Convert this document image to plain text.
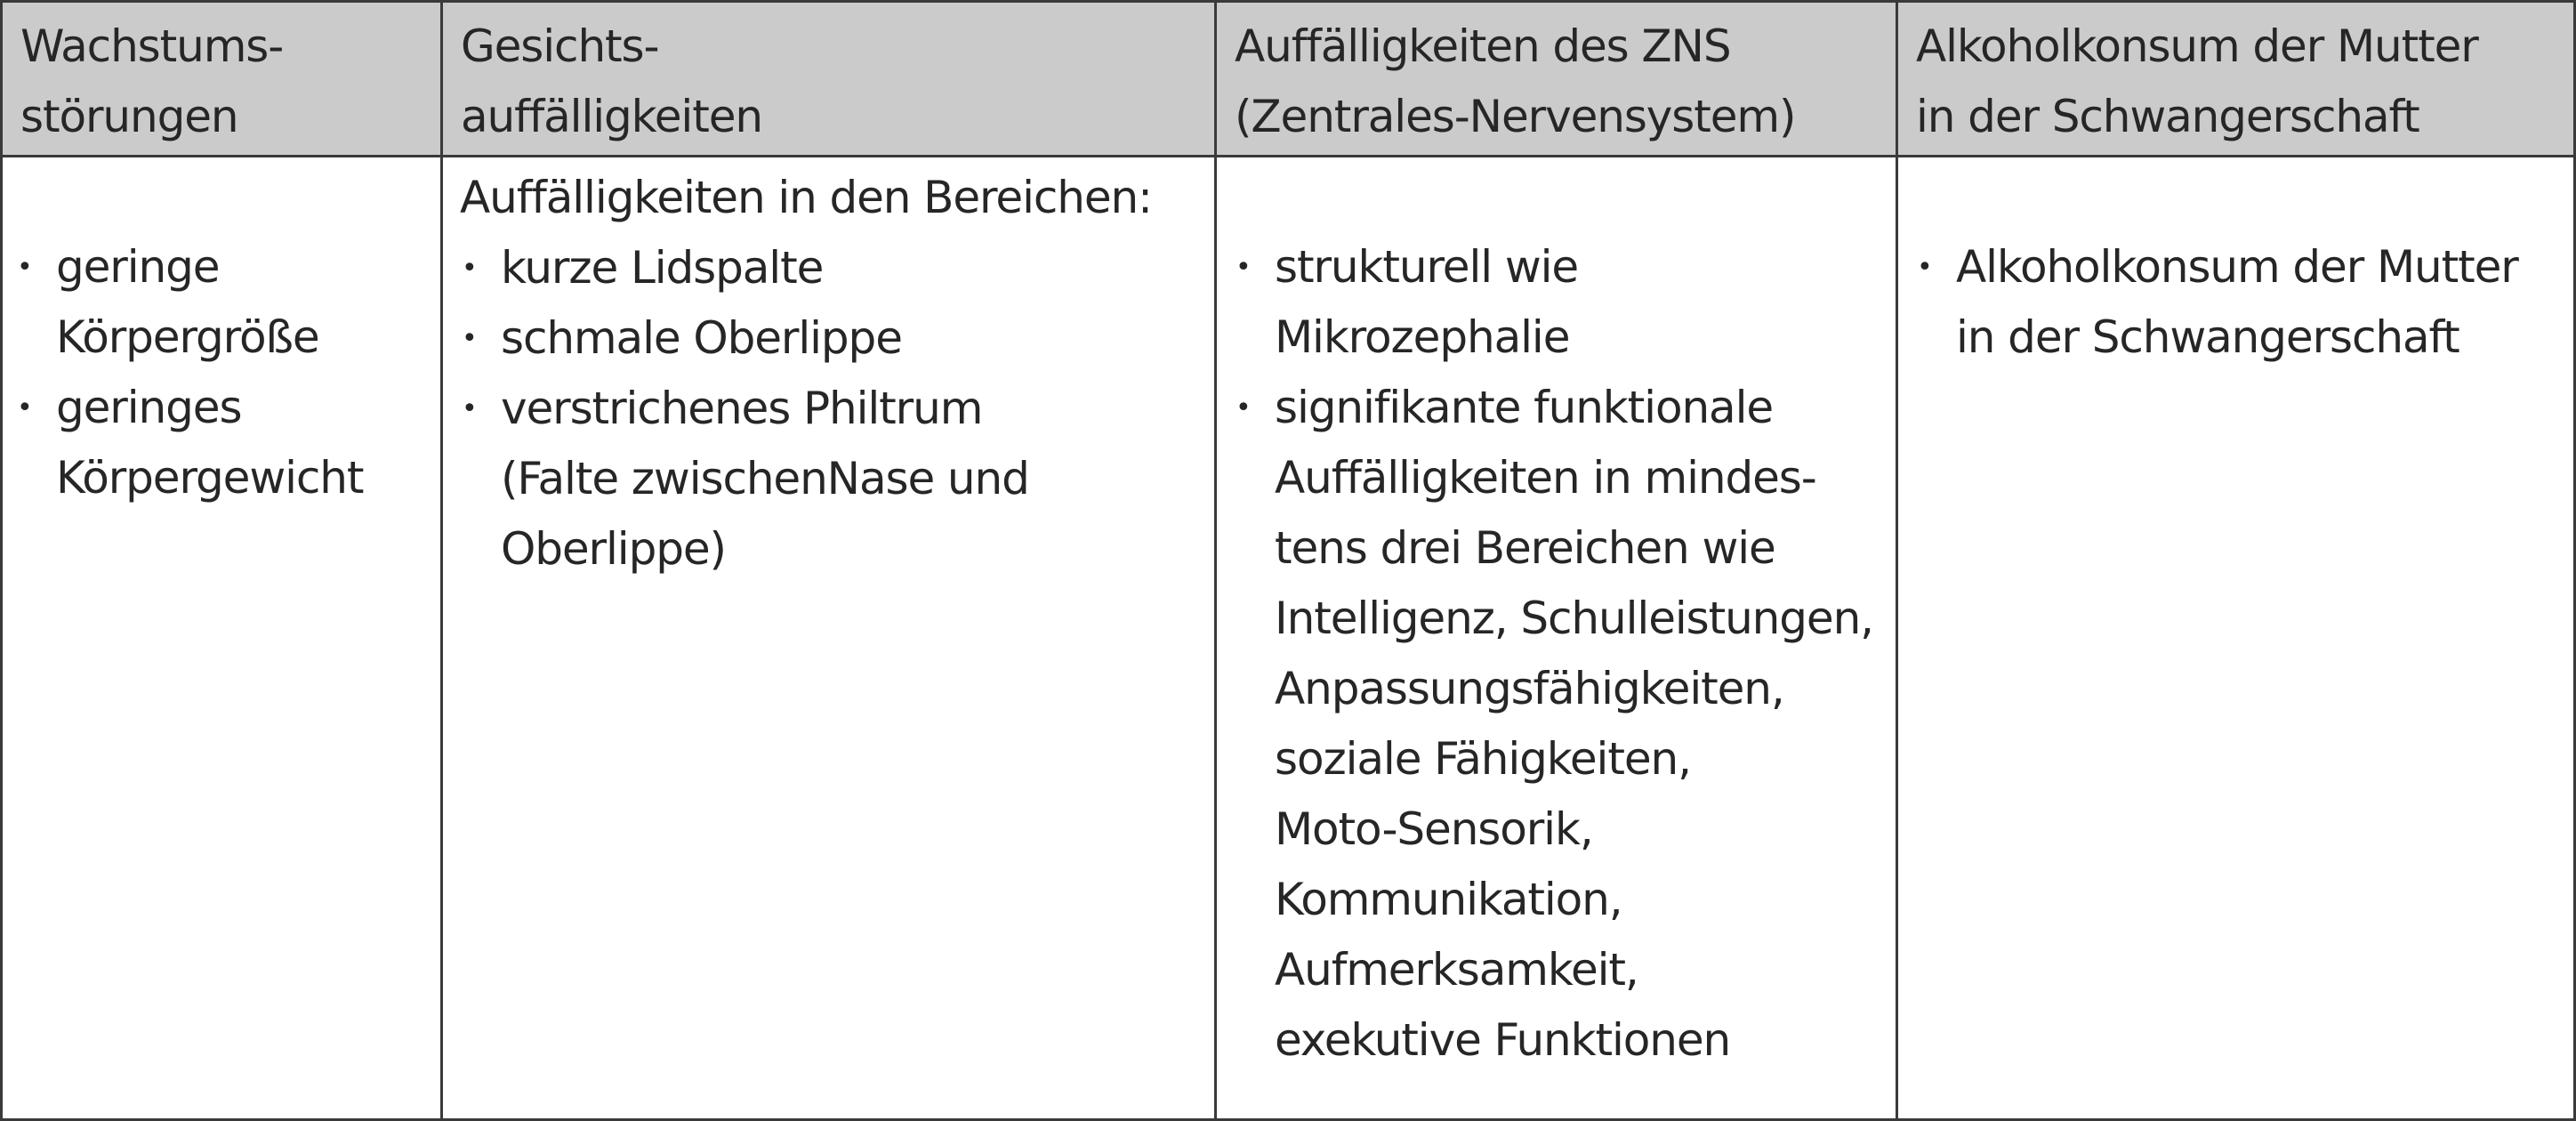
Wachstums-
störungen
Gesichts-
auffälligkeiten
Auffälligkeiten des ZNS
(Zentrales-Nervensystem)
Alkoholkonsum der Mutter
in der Schwangerschaft
• geringe
Körpergröße
• geringes
Körpergewicht
Auffälligkeiten in den Bereichen:
• kurze Lidspalte
• schmale Oberlippe
• verstrichenes Philtrum
(Falte zwischenNase und
Oberlippe)
• strukturell wie
Mikrozephalie
• signifikante funktionale
Auffälligkeiten in mindes-
tens drei Bereichen wie
Intelligenz, Schulleistungen,
Anpassungsfähigkeiten,
soziale Fähigkeiten,
Moto-Sensorik,
Kommunikation,
Aufmerksamkeit,
exekutive Funktionen
• Alkoholkonsum der Mutter
in der Schwangerschaft
